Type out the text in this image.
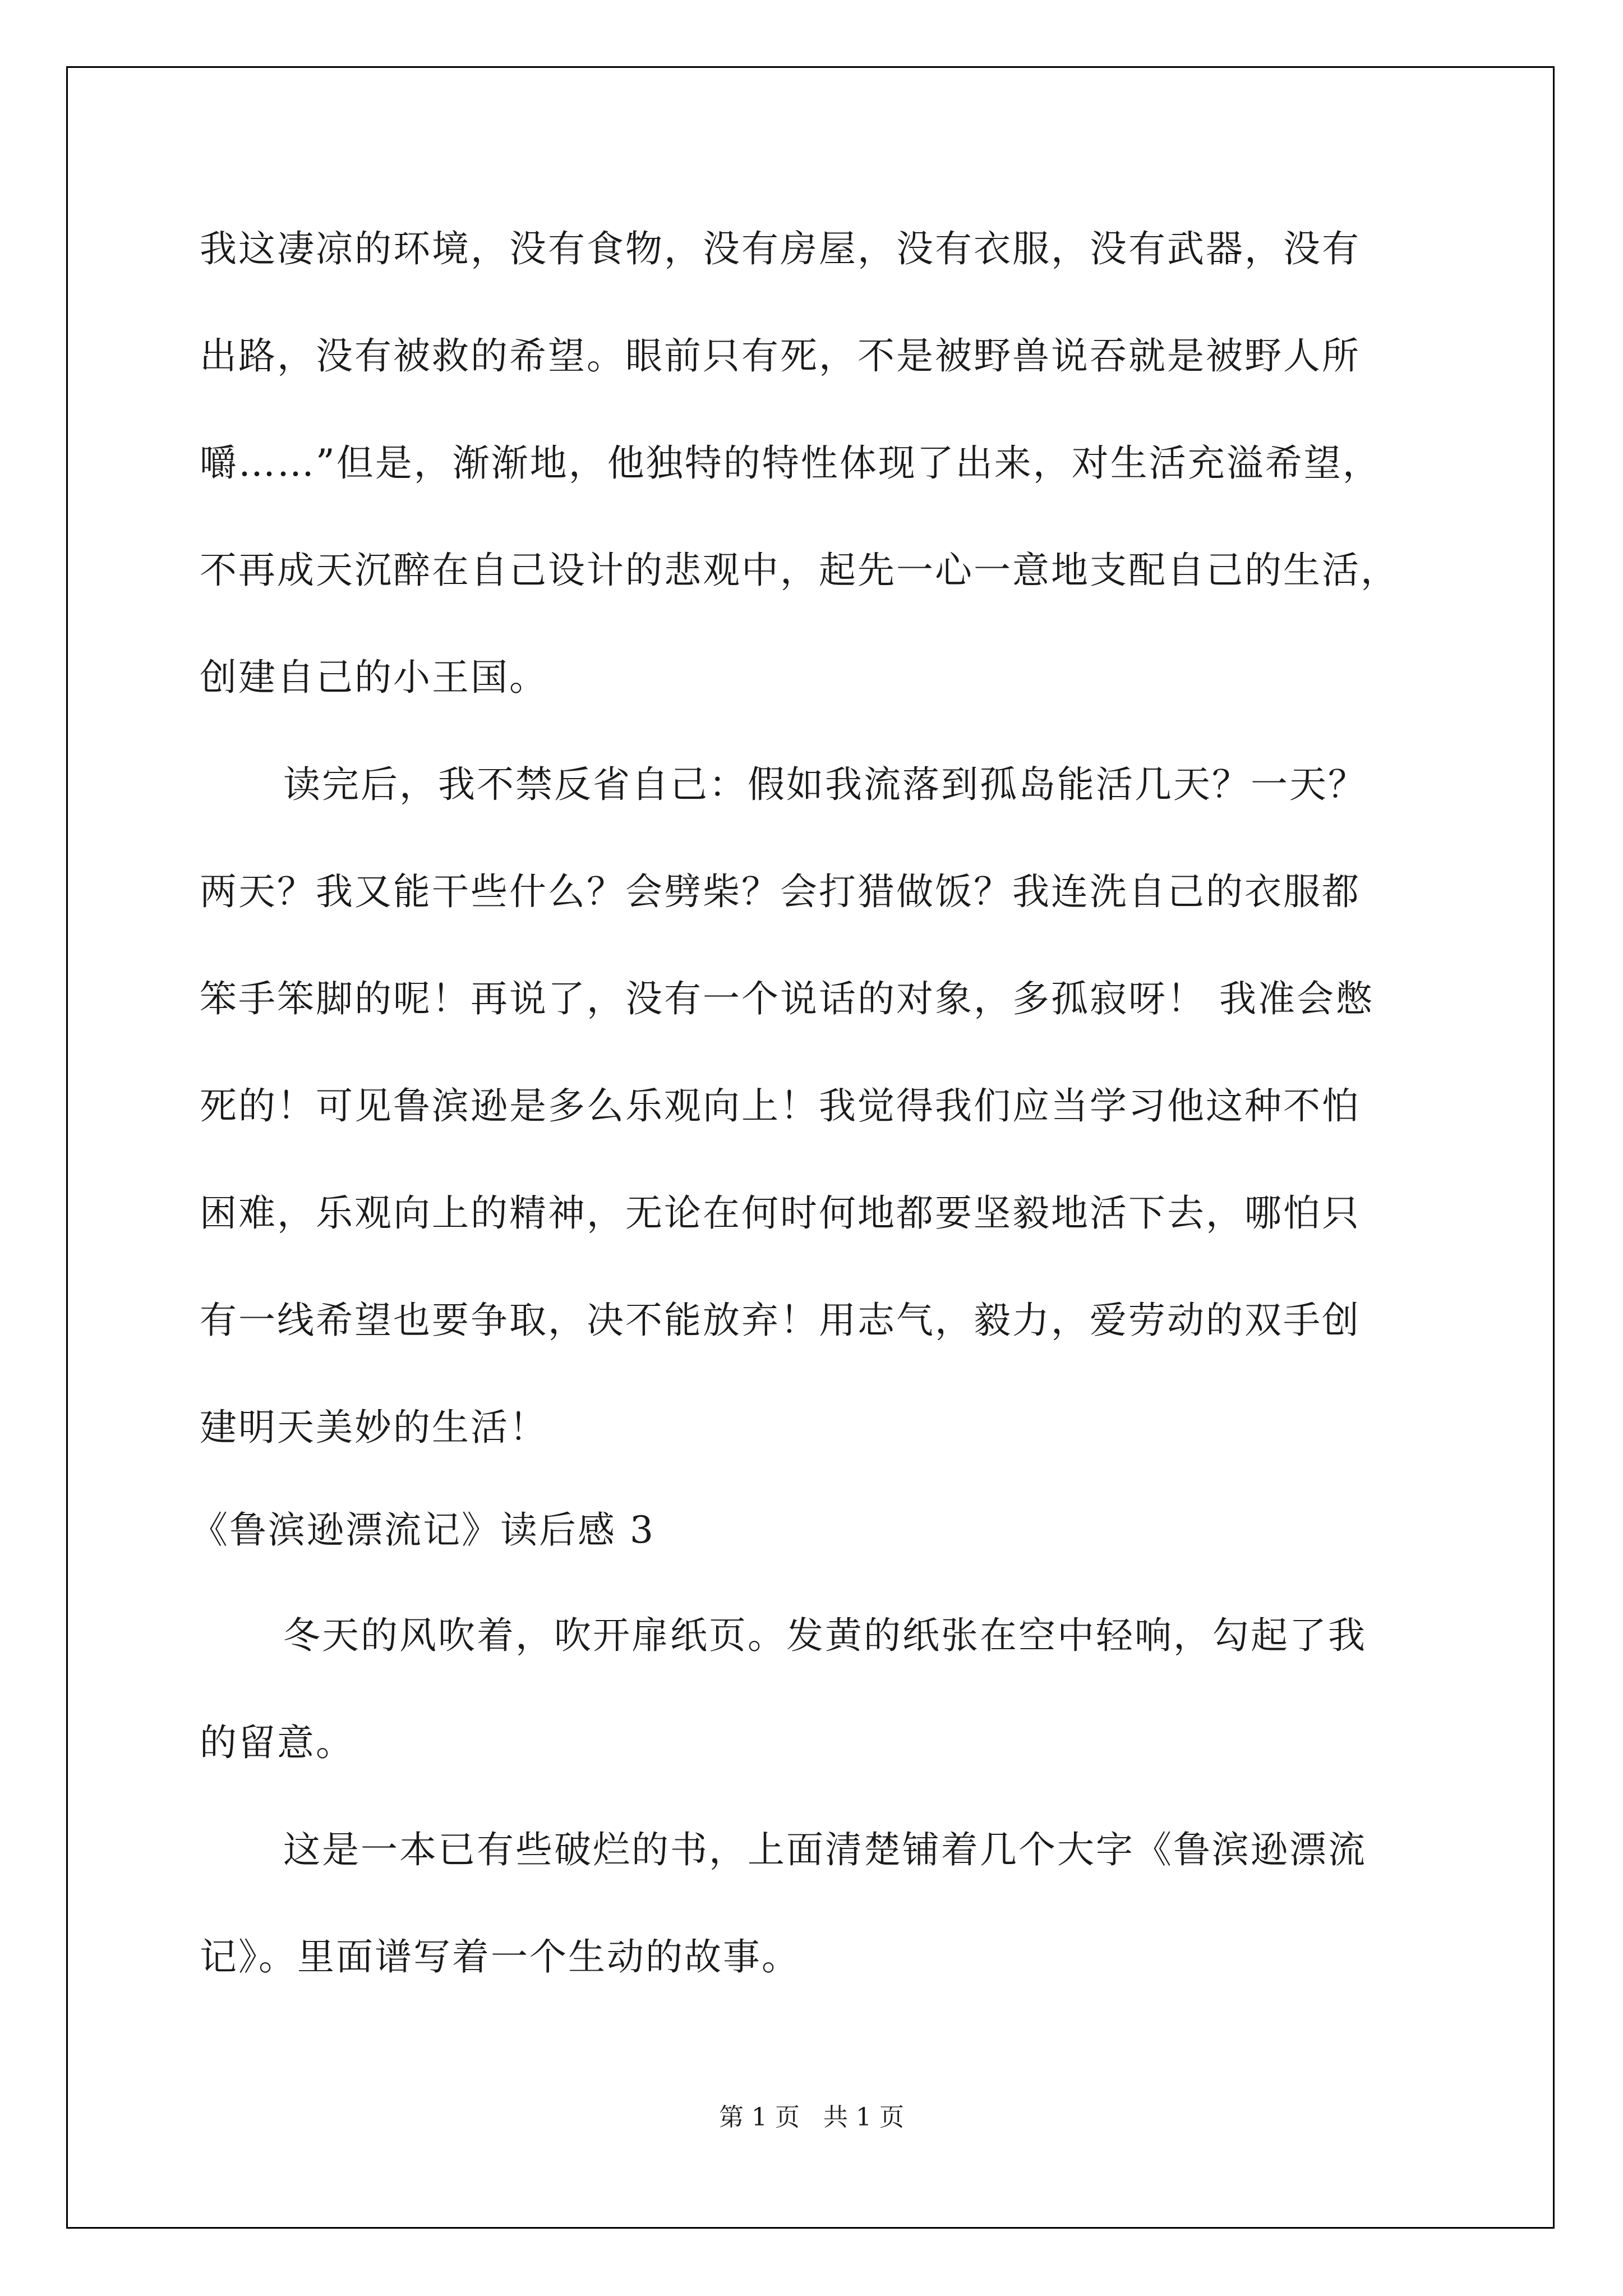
我这凄凉的环境，没有食物，没有房屋，没有衣服，没有武器，没有
出路，没有被救的希望。眼前只有死，不是被野兽说吞就是被野人所
嚼……”但是，渐渐地，他独特的特性体现了出来，对生活充溢希望，
不再成天沉醉在自己设计的悲观中，起先一心一意地支配自己的生活，
创建自己的小王国。
读完后，我不禁反省自己：假如我流落到孤岛能活几天？一天？
两天？我又能干些什么？会劈柴？会打猎做饭？我连洗自己的衣服都
笨手笨脚的呢！再说了，没有一个说话的对象，多孤寂呀！ 我准会憋
死的！可见鲁滨逊是多么乐观向上！我觉得我们应当学习他这种不怕
困难，乐观向上的精神，无论在何时何地都要坚毅地活下去，哪怕只
有一线希望也要争取，决不能放弃！用志气，毅力，爱劳动的双手创
建明天美妙的生活！
《鲁滨逊漂流记》读后感 3
冬天的风吹着，吹开扉纸页。发黄的纸张在空中轻响，勾起了我
的留意。
这是一本已有些破烂的书，上面清楚铺着几个大字《鲁滨逊漂流
记》。里面谱写着一个生动的故事。
第 1 页   共 1 页
